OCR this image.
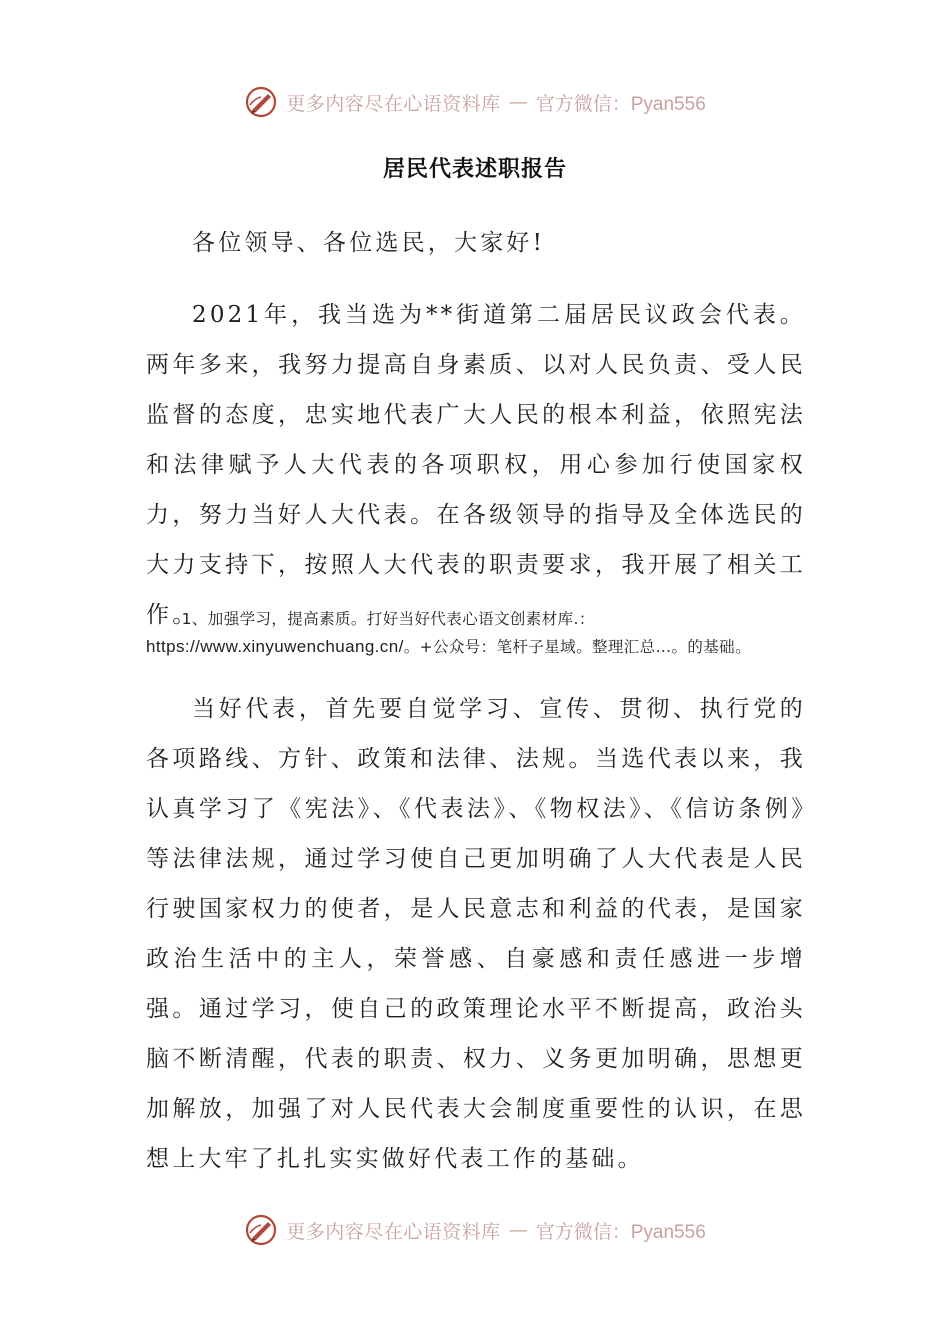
更多内容尽在心语资料库 — 官方微信：Pyan556
居民代表述职报告
各位领导、各位选民，大家好!

2021年，我当选为**街道第二届居民议政会代表。两年多来，我努力提高自身素质、以对人民负责、受人民监督的态度，忠实地代表广大人民的根本利益，依照宪法和法律赋予人大代表的各项职权，用心参加行使国家权力，努力当好人大代表。在各级领导的指导及全体选民的大力支持下，按照人大代表的职责要求，我开展了相关工作。

1、加强学习，提高素质。打好当好代表心语文创素材库.：https://www.xinyuwenchuang.cn/。+公众号：笔杆子星域。整理汇总…。的基础。

当好代表，首先要自觉学习、宣传、贯彻、执行党的各项路线、方针、政策和法律、法规。当选代表以来，我认真学习了《宪法》、《代表法》、《物权法》、《信访条例》等法律法规，通过学习使自己更加明确了人大代表是人民行驶国家权力的使者，是人民意志和利益的代表，是国家政治生活中的主人，荣誉感、自豪感和责任感进一步增强。通过学习，使自己的政策理论水平不断提高，政治头脑不断清醒，代表的职责、权力、义务更加明确，思想更加解放，加强了对人民代表大会制度重要性的认识，在思想上大牢了扎扎实实做好代表工作的基础。

更多内容尽在心语资料库 — 官方微信：Pyan556
